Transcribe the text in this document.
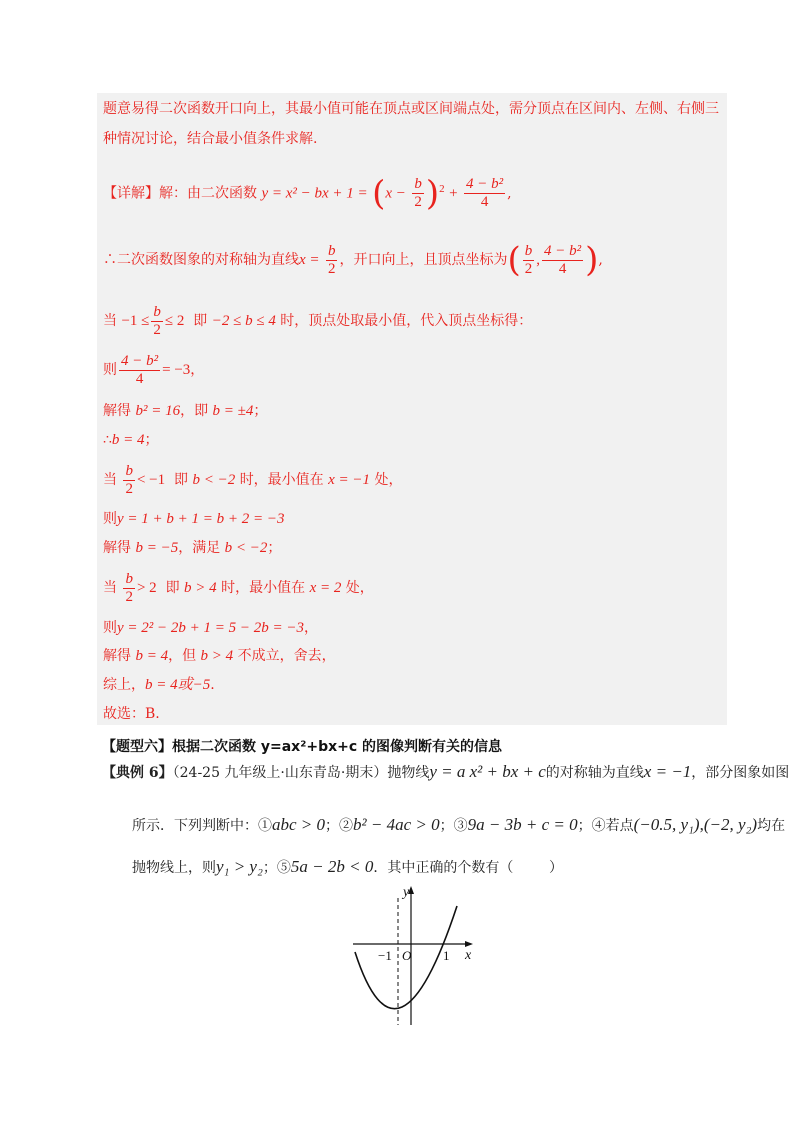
题意易得二次函数开口向上，其最小值可能在顶点或区间端点处，需分顶点在区间内、左侧、右侧三
种情况讨论，结合最小值条件求解.
【详解】解：由二次函数 y = x² − bx + $1 = (x - \frac{b}{2} )^2 + \frac{\text{4 − b²}}{4}$ ,
∴二次函数图象的对称轴为直线$x = \frac{b}{2}$ ，开口向上，且顶点坐标为( $\frac{b}{2}$ , $\frac{\text{4 − b²}}{4}$ ),
当 $-1 \le \frac{b}{2} \le 2$ 即 −2 ≤ b ≤ 4 时，顶点处取最小值，代入顶点坐标得：
则 $\frac{\text{4 − b²}}{4} = -3$，
解得 b² = 16，即 b = ±4；
∴b = 4；
当 $\frac{b}{2} < -1$ 即 b < −2 时，最小值在 x = −1 处，
则y = 1 + b + 1 = b + 2 = −3
解得 b = −5，满足 b < −2；
当 $\frac{b}{2} > 2$ 即 b > 4 时，最小值在 x = 2 处，
则y = 2² − 2b + 1 = 5 − 2b = −3，
解得 b = 4，但 b > 4 不成立，舍去，
综上，b = 4或−5.
故选：B.
【题型六】根据二次函数 y=ax²+bx+c 的图像判断有关的信息
【典例 6】（24-25 九年级上·山东青岛·期末）抛物线y = a x² + bx + c的对称轴为直线x = −1，部分图象如图
所示．下列判断中：①abc > 0；②b² − 4ac > 0；③9a − 3b + c = 0；④若点(−0.5, y₁),(−2, y₂)均在
抛物线上，则y₁ > y₂；⑤5a − 2b < 0．其中正确的个数有（	）
y
x
O
−1	1
